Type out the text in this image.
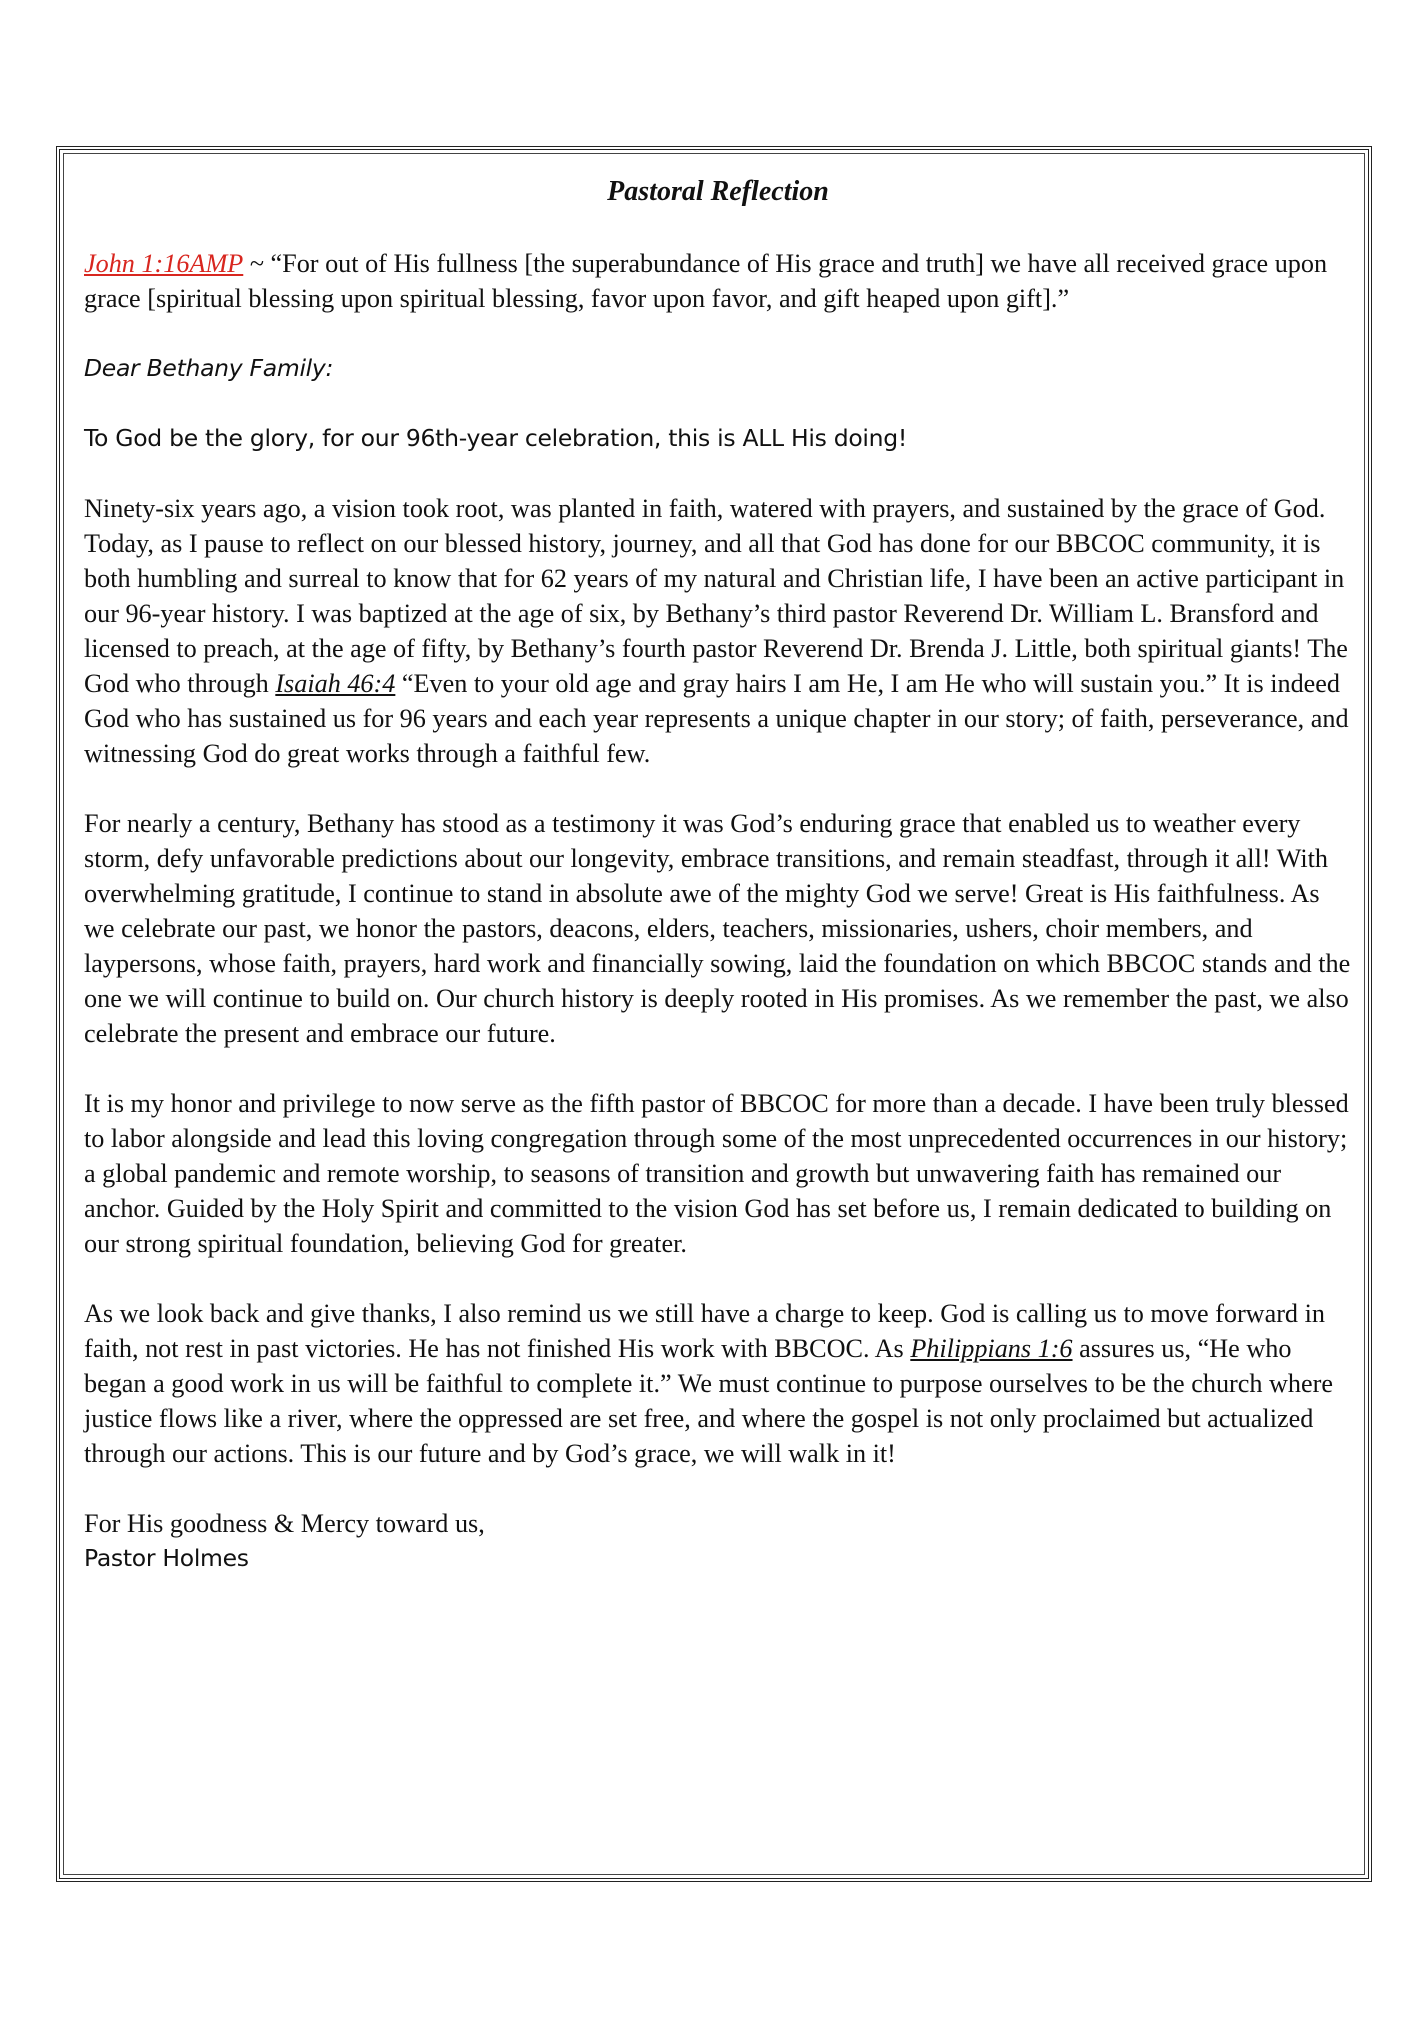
Pastoral Reflection

John 1:16AMP ~ “For out of His fullness [the superabundance of His grace and truth] we have all received grace upon grace [spiritual blessing upon spiritual blessing, favor upon favor, and gift heaped upon gift].”

Dear Bethany Family:

To God be the glory, for our 96th-year celebration, this is ALL His doing!

Ninety-six years ago, a vision took root, was planted in faith, watered with prayers, and sustained by the grace of God. Today, as I pause to reflect on our blessed history, journey, and all that God has done for our BBCOC community, it is both humbling and surreal to know that for 62 years of my natural and Christian life, I have been an active participant in our 96-year history. I was baptized at the age of six, by Bethany’s third pastor Reverend Dr. William L. Bransford and licensed to preach, at the age of fifty, by Bethany’s fourth pastor Reverend Dr. Brenda J. Little, both spiritual giants! The God who through Isaiah 46:4 “Even to your old age and gray hairs I am He, I am He who will sustain you.” It is indeed God who has sustained us for 96 years and each year represents a unique chapter in our story; of faith, perseverance, and witnessing God do great works through a faithful few.

For nearly a century, Bethany has stood as a testimony it was God’s enduring grace that enabled us to weather every storm, defy unfavorable predictions about our longevity, embrace transitions, and remain steadfast, through it all! With overwhelming gratitude, I continue to stand in absolute awe of the mighty God we serve! Great is His faithfulness. As we celebrate our past, we honor the pastors, deacons, elders, teachers, missionaries, ushers, choir members, and laypersons, whose faith, prayers, hard work and financially sowing, laid the foundation on which BBCOC stands and the one we will continue to build on. Our church history is deeply rooted in His promises. As we remember the past, we also celebrate the present and embrace our future.

It is my honor and privilege to now serve as the fifth pastor of BBCOC for more than a decade. I have been truly blessed to labor alongside and lead this loving congregation through some of the most unprecedented occurrences in our history; a global pandemic and remote worship, to seasons of transition and growth but unwavering faith has remained our anchor. Guided by the Holy Spirit and committed to the vision God has set before us, I remain dedicated to building on our strong spiritual foundation, believing God for greater.

As we look back and give thanks, I also remind us we still have a charge to keep. God is calling us to move forward in faith, not rest in past victories. He has not finished His work with BBCOC. As Philippians 1:6 assures us, “He who began a good work in us will be faithful to complete it.” We must continue to purpose ourselves to be the church where justice flows like a river, where the oppressed are set free, and where the gospel is not only proclaimed but actualized through our actions. This is our future and by God’s grace, we will walk in it!

For His goodness & Mercy toward us,

Pastor Holmes
